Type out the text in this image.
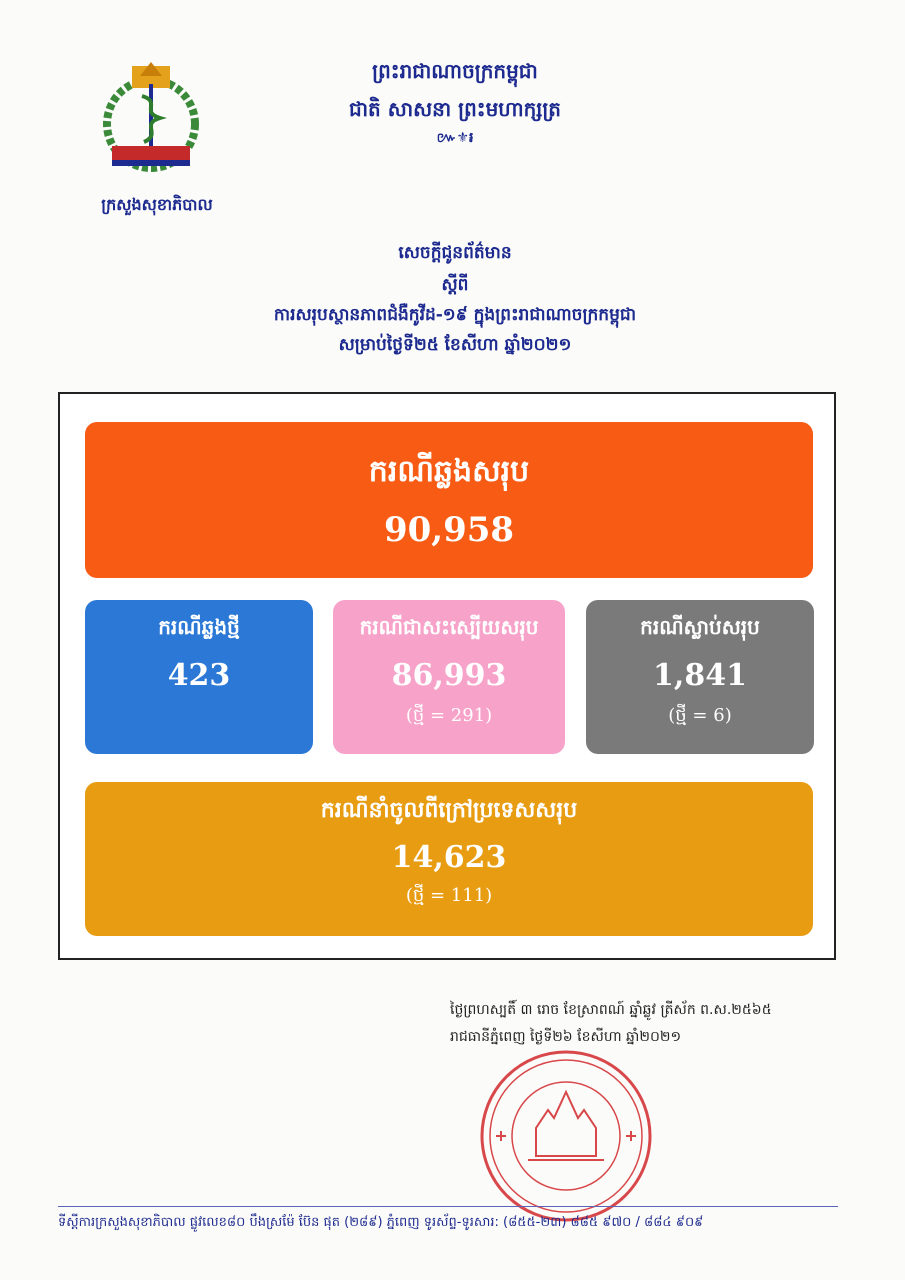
ក្រសួងសុខាភិបាល
ព្រះរាជាណាចក្រកម្ពុជា
ជាតិ សាសនា ព្រះមហាក្សត្រ
៚⚜៛
សេចក្តីជូនព័ត៌មាន
ស្តីពី
ការសរុបស្ថានភាពជំងឺកូវីដ-១៩ ក្នុងព្រះរាជាណាចក្រកម្ពុជា
សម្រាប់ថ្ងៃទី២៥ ខែសីហា ឆ្នាំ២០២១
ករណីឆ្លងសរុប
90,958
ករណីឆ្លងថ្មី
423
ករណីជាសះស្បើយសរុប
86,993
(ថ្មី = 291)
ករណីស្លាប់សរុប
1,841
(ថ្មី = 6)
ករណីនាំចូលពីក្រៅប្រទេសសរុប
14,623
(ថ្មី = 111)
ថ្ងៃព្រហស្បតិ៍ ៣ រោច ខែស្រាពណ៍ ឆ្នាំឆ្លូវ ត្រីស័ក ព.ស.២៥៦៥
រាជធានីភ្នំពេញ ថ្ងៃទី២៦ ខែសីហា ឆ្នាំ២០២១
ទីស្តីការក្រសួងសុខាភិបាល ផ្លូវលេខ៨០ បឹងស្រម៉ែ ប៊ែន ផុត (២៨៩) ភ្នំពេញ ទូរស័ព្ទ-ទូរសារ: (៨៥៥-២៣) ៨៨៥ ៩៧០ / ៨៨៤ ៩០៩
